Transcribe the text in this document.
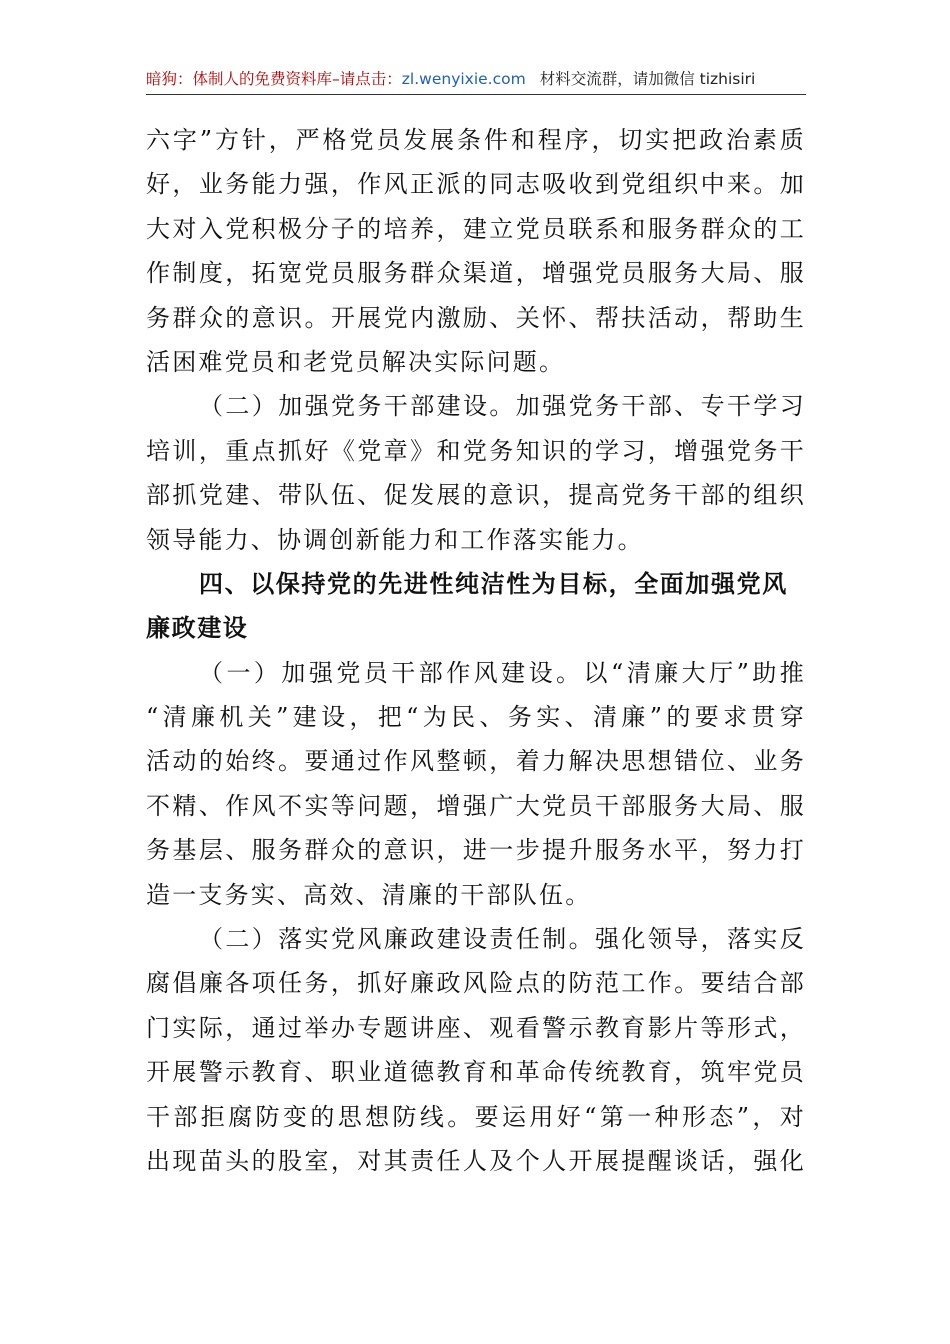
暗狗：体制人的免费资料库–请点击：zl.wenyixie.com 材料交流群，请加微信 tizhisiri
六字”方针，严格党员发展条件和程序，切实把政治素质
好，业务能力强，作风正派的同志吸收到党组织中来。加
大对入党积极分子的培养，建立党员联系和服务群众的工
作制度，拓宽党员服务群众渠道，增强党员服务大局、服
务群众的意识。开展党内激励、关怀、帮扶活动，帮助生
活困难党员和老党员解决实际问题。
（二）加强党务干部建设。加强党务干部、专干学习
培训，重点抓好《党章》和党务知识的学习，增强党务干
部抓党建、带队伍、促发展的意识，提高党务干部的组织
领导能力、协调创新能力和工作落实能力。
四、以保持党的先进性纯洁性为目标，全面加强党风
廉政建设
（一）加强党员干部作风建设。以“清廉大厅”助推
“清廉机关”建设，把“为民、务实、清廉”的要求贯穿
活动的始终。要通过作风整顿，着力解决思想错位、业务
不精、作风不实等问题，增强广大党员干部服务大局、服
务基层、服务群众的意识，进一步提升服务水平，努力打
造一支务实、高效、清廉的干部队伍。
（二）落实党风廉政建设责任制。强化领导，落实反
腐倡廉各项任务，抓好廉政风险点的防范工作。要结合部
门实际，通过举办专题讲座、观看警示教育影片等形式，
开展警示教育、职业道德教育和革命传统教育，筑牢党员
干部拒腐防变的思想防线。要运用好“第一种形态”，对
出现苗头的股室，对其责任人及个人开展提醒谈话，强化
